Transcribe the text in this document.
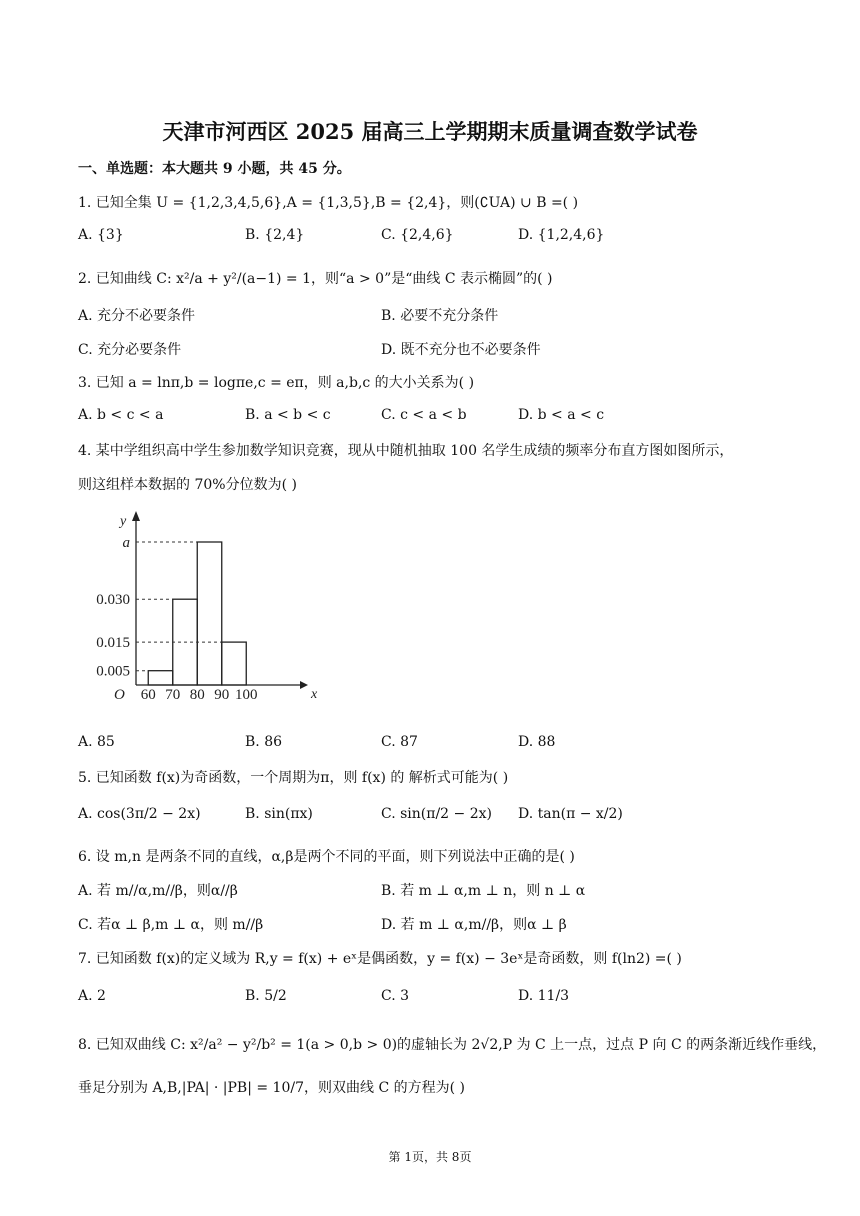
天津市河西区 2025 届高三上学期期末质量调查数学试卷
一、单选题：本大题共 9 小题，共 45 分。
1. 已知全集 U = {1,2,3,4,5,6},A = {1,3,5},B = {2,4}，则(∁UA) ∪ B =( )
A. {3}	B. {2,4}	C. {2,4,6}	D. {1,2,4,6}
2. 已知曲线 C: x²/a + y²/(a−1) = 1，则“a > 0”是“曲线 C 表示椭圆”的( )
A. 充分不必要条件	B. 必要不充分条件
C. 充分必要条件	D. 既不充分也不必要条件
3. 已知 a = lnπ,b = logπe,c = eπ，则 a,b,c 的大小关系为( )
A. b < c < a	B. a < b < c	C. c < a < b	D. b < a < c
4. 某中学组织高中学生参加数学知识竞赛，现从中随机抽取 100 名学生成绩的频率分布直方图如图所示，
则这组样本数据的 70%分位数为( )
0.005
0.030
a
0.015
60 70 80 90 100	x
y
O
A. 85	B. 86	C. 87	D. 88
5. 已知函数 f(x)为奇函数，一个周期为π，则 f(x) 的 解析式可能为( )
A. cos(3π/2 − 2x)	B. sin(πx)	C. sin(π/2 − 2x) D. tan(π − x/2)
6. 设 m,n 是两条不同的直线，α,β是两个不同的平面，则下列说法中正确的是( )
A. 若 m//α,m//β，则α//β	B. 若 m ⊥ α,m ⊥ n，则 n ⊥ α
C. 若α ⊥ β,m ⊥ α，则 m//β	D. 若 m ⊥ α,m//β，则α ⊥ β
7. 已知函数 f(x)的定义域为 R,y = f(x) + eˣ是偶函数，y = f(x) − 3eˣ是奇函数，则 f(ln2) =( )
A. 2	B. 5/2	C. 3	D. 11/3
8. 已知双曲线 C: x²/a² − y²/b² = 1(a > 0,b > 0)的虚轴长为 2√2,P 为 C 上一点，过点 P 向 C 的两条渐近线作垂线，
垂足分别为 A,B,|PA| · |PB| = 10/7，则双曲线 C 的方程为( )
第 1页，共 8页
